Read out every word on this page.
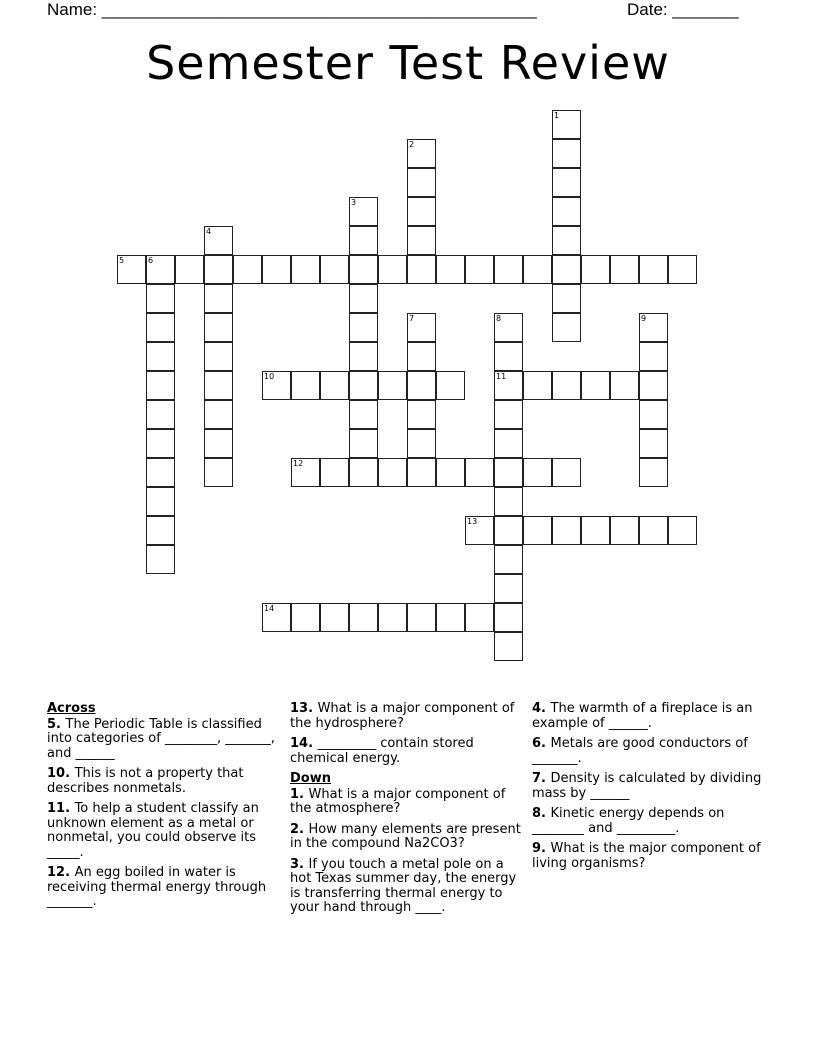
Name: ______________________________________________	Date: _______
Semester Test Review
1
2
3
4
5	6
7	8
11
9
10
12
13
14
Across
5. The Periodic Table is classified into categories of ________, _______, and ______
10. This is not a property that describes nonmetals.
11. To help a student classify an unknown element as a metal or nonmetal, you could observe its _____.
12. An egg boiled in water is receiving thermal energy through _______.
13. What is a major component of the hydrosphere?
14. _________ contain stored chemical energy.
Down
1. What is a major component of the atmosphere?
2. How many elements are present in the compound Na2CO3?
3. If you touch a metal pole on a hot Texas summer day, the energy is transferring thermal energy to your hand through ____.
4. The warmth of a fireplace is an example of ______.
6. Metals are good conductors of _______.
7. Density is calculated by dividing mass by ______
8. Kinetic energy depends on ________ and _________.
9. What is the major component of living organisms?
